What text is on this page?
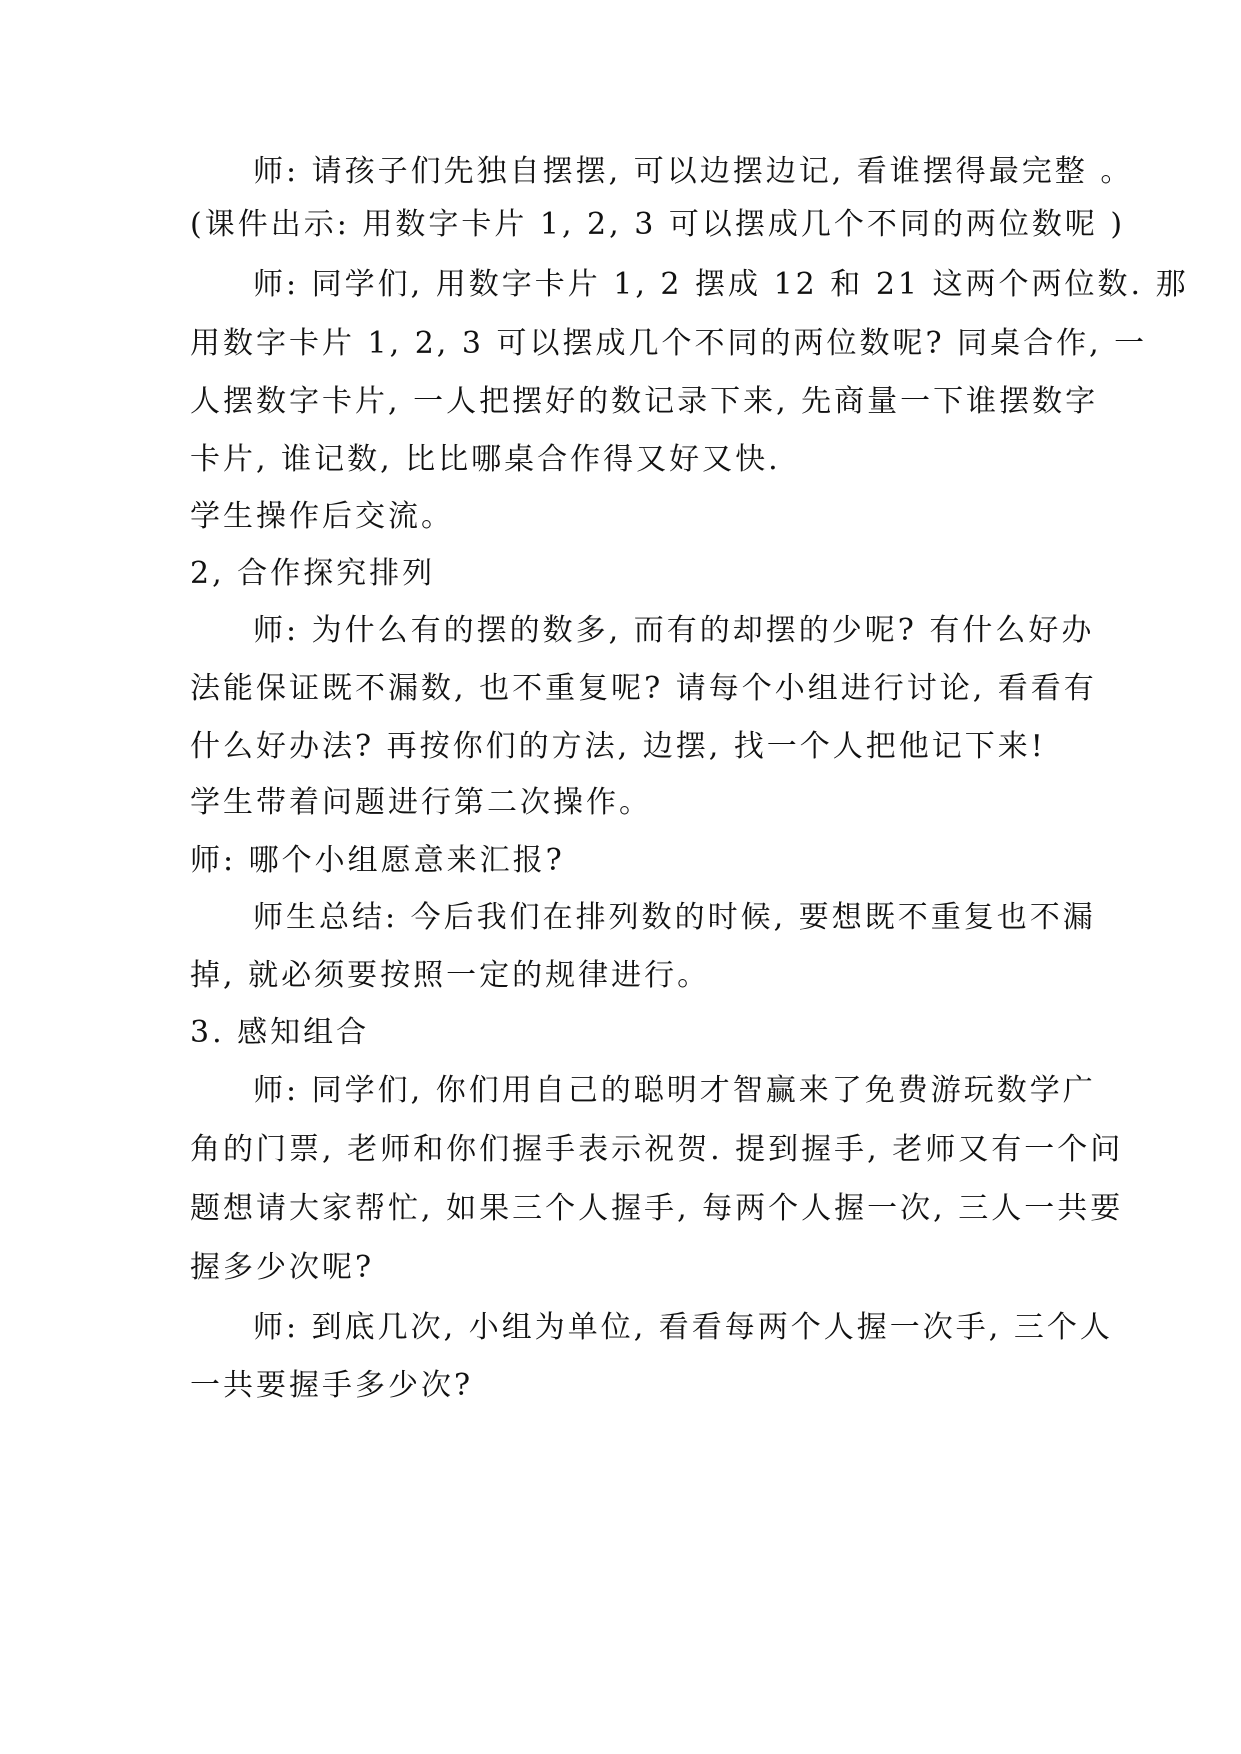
师: 请孩子们先独自摆摆, 可以边摆边记, 看谁摆得最完整 。
(课件出示: 用数字卡片 1, 2, 3 可以摆成几个不同的两位数呢 )
师: 同学们, 用数字卡片 1, 2 摆成 12 和 21 这两个两位数. 那
用数字卡片 1, 2, 3 可以摆成几个不同的两位数呢? 同桌合作, 一
人摆数字卡片, 一人把摆好的数记录下来, 先商量一下谁摆数字
卡片, 谁记数, 比比哪桌合作得又好又快.
学生操作后交流。
2, 合作探究排列
师: 为什么有的摆的数多, 而有的却摆的少呢? 有什么好办
法能保证既不漏数, 也不重复呢? 请每个小组进行讨论, 看看有
什么好办法? 再按你们的方法, 边摆, 找一个人把他记下来!
学生带着问题进行第二次操作。
师: 哪个小组愿意来汇报?
师生总结: 今后我们在排列数的时候, 要想既不重复也不漏
掉, 就必须要按照一定的规律进行。
3. 感知组合
师: 同学们, 你们用自己的聪明才智赢来了免费游玩数学广
角的门票, 老师和你们握手表示祝贺. 提到握手, 老师又有一个问
题想请大家帮忙, 如果三个人握手, 每两个人握一次, 三人一共要
握多少次呢?
师: 到底几次, 小组为单位, 看看每两个人握一次手, 三个人
一共要握手多少次?
